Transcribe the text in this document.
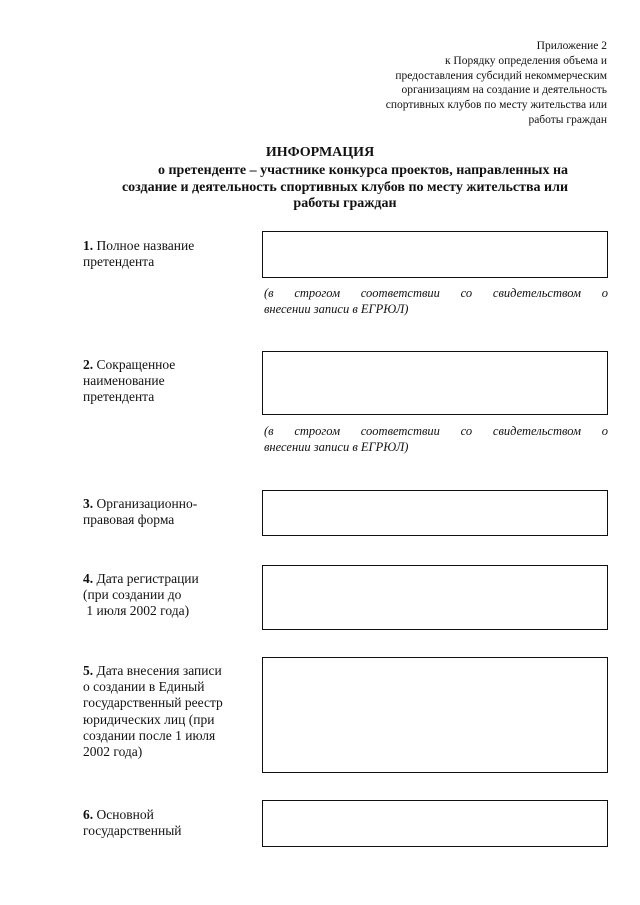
Приложение 2
к Порядку определения объема и
предоставления субсидий некоммерческим
организациям на создание и деятельность
спортивных клубов по месту жительства или
работы граждан
ИНФОРМАЦИЯ
о претенденте – участнике конкурса проектов, направленных на
создание и деятельность спортивных клубов по месту жительства или
работы граждан
1. Полное название
претендента
(в строгом соответствии со свидетельством о
внесении записи в ЕГРЮЛ)
2. Сокращенное
наименование
претендента
(в строгом соответствии со свидетельством о
внесении записи в ЕГРЮЛ)
3. Организационно-
правовая форма
4. Дата регистрации
(при создании до
1 июля 2002 года)
5. Дата внесения записи
о создании в Единый
государственный реестр
юридических лиц (при
создании после 1 июля
2002 года)
6. Основной
государственный
